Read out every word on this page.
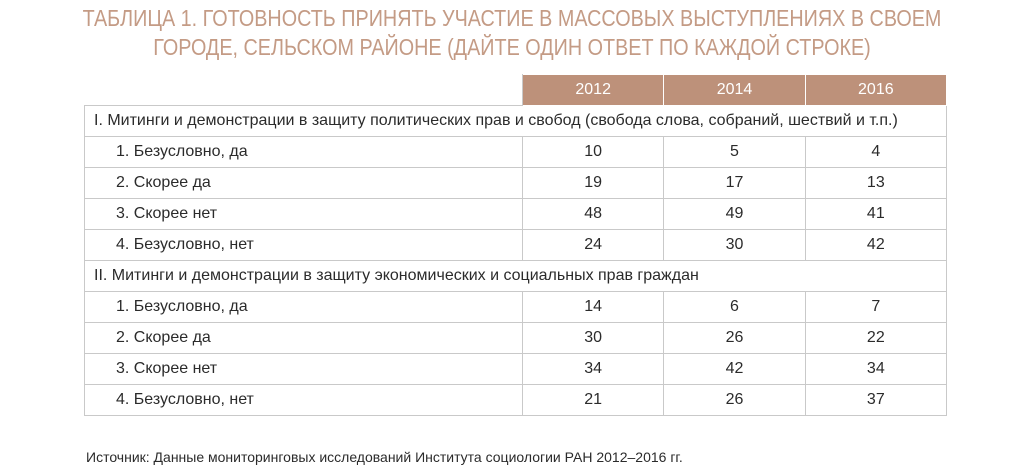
ТАБЛИЦА 1. ГОТОВНОСТЬ ПРИНЯТЬ УЧАСТИЕ В МАССОВЫХ ВЫСТУПЛЕНИЯХ В СВОЕМ
ГОРОДЕ, СЕЛЬСКОМ РАЙОНЕ (ДАЙТЕ ОДИН ОТВЕТ ПО КАЖДОЙ СТРОКЕ)
	2012	2014	2016
I. Митинги и демонстрации в защиту политических прав и свобод (свобода слова, собраний, шествий и т.п.)			
1. Безусловно, да	10	5	4
2. Скорее да	19	17	13
3. Скорее нет	48	49	41
4. Безусловно, нет	24	30	42
II. Митинги и демонстрации в защиту экономических и социальных прав граждан			
1. Безусловно, да	14	6	7
2. Скорее да	30	26	22
3. Скорее нет	34	42	34
4. Безусловно, нет	21	26	37
Источник: Данные мониторинговых исследований Института социологии РАН 2012–2016 гг.
